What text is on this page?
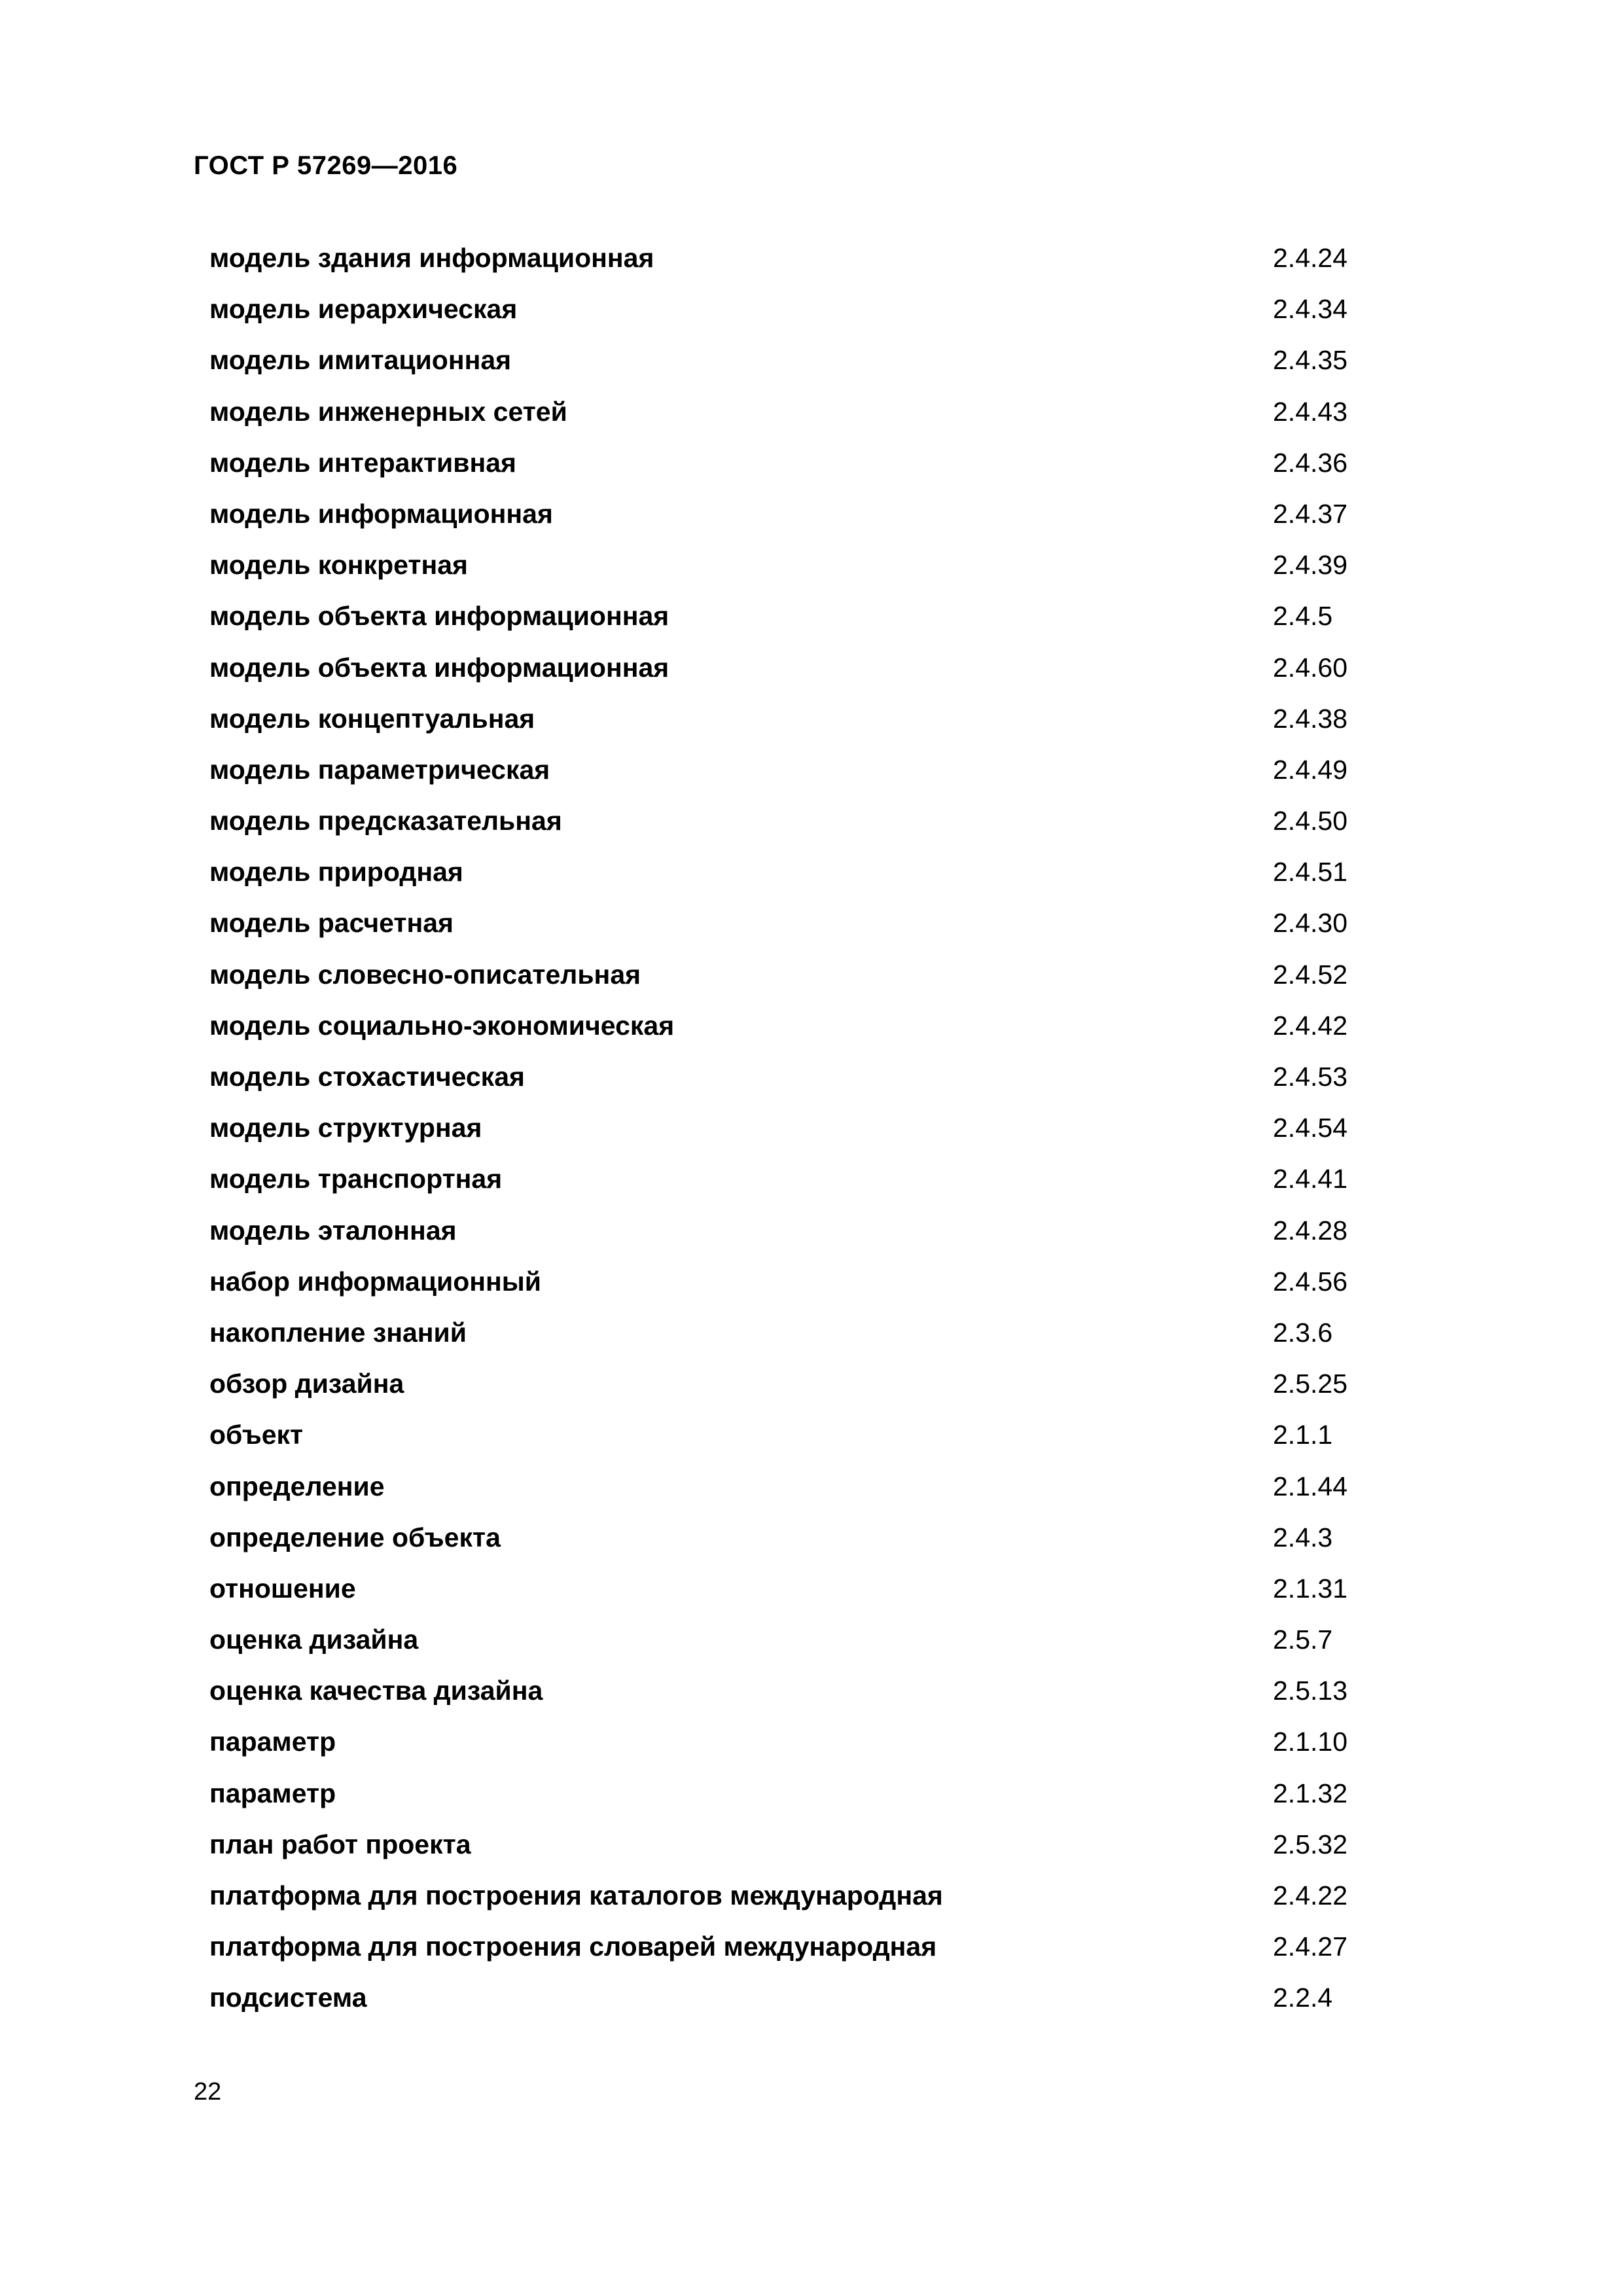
ГОСТ Р 57269—2016
модель здания информационная	2.4.24
модель иерархическая	2.4.34
модель имитационная	2.4.35
модель инженерных сетей	2.4.43
модель интерактивная	2.4.36
модель информационная	2.4.37
модель конкретная	2.4.39
модель объекта информационная	2.4.5
модель объекта информационная	2.4.60
модель концептуальная	2.4.38
модель параметрическая	2.4.49
модель предсказательная	2.4.50
модель природная	2.4.51
модель расчетная	2.4.30
модель словесно-описательная	2.4.52
модель социально-экономическая	2.4.42
модель стохастическая	2.4.53
модель структурная	2.4.54
модель транспортная	2.4.41
модель эталонная	2.4.28
набор информационный	2.4.56
накопление знаний	2.3.6
обзор дизайна	2.5.25
объект	2.1.1
определение	2.1.44
определение объекта	2.4.3
отношение	2.1.31
оценка дизайна	2.5.7
оценка качества дизайна	2.5.13
параметр	2.1.10
параметр	2.1.32
план работ проекта	2.5.32
платформа для построения каталогов международная	2.4.22
платформа для построения словарей международная	2.4.27
подсистема	2.2.4
22
